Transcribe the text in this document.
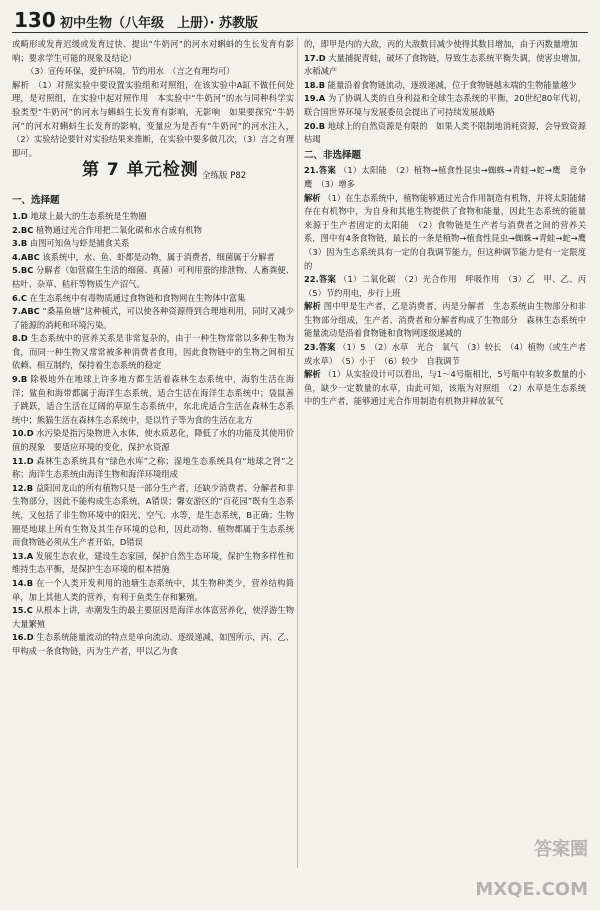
130 初中生物（八年级　上册）· 苏教版

或畸形或发育迟缓或发育过快、提出“牛奶河”的河水对蝌蚪的生长发育有影响；要求学生可能的现象及结论）

（3）宣传环保，爱护环境，节约用水　（言之有理均可）

解析　（1）对照实验中要设置实验组和对照组，在该实验中A缸不做任何处理，是对照组，在实验中起对照作用　本实验中“牛奶河”的水与同种科学实验类型“牛奶河”的河水与蝌蚪生长发育有影响，无影响　如果要探究“牛奶河”的河水对蝌蚪生长发育的影响，变量应为是否有“牛奶河”的河水注入，（2）实验结论要针对实验结果来推断，在实验中要多做几次，（3）言之有理即可。

第 7 单元检测 全练版 P82
一、选择题

1.D 地球上最大的生态系统是生物圈

2.BC 植物通过光合作用把二氧化碳和水合成有机物

3.B 由图可知鱼与虾是捕食关系

4.ABC 该系统中，水、鱼、虾都是动物，属于消费者，细菌属于分解者

5.BC 分解者（如营腐生生活的细菌、真菌）可利用蚕的排泄物、人畜粪便、枯叶、杂草、秸秆等物质生产沼气。

6.C 在生态系统中有毒物质通过食物链和食物网在生物体中富集

7.ABC “桑基鱼塘”这种模式，可以使各种资源得到合理地利用，同时又减少了能源的消耗和环境污染。

8.D 生态系统中的营养关系是非常复杂的，由于一种生物常常以多种生物为食，而同一种生物又常常被多种消费者食用，因此食物链中的生物之间相互依赖、相互制约，保持着生态系统的稳定

9.B 除极地外在地球上许多地方都生活着森林生态系统中，海豹生活在海洋；鲨鱼和海带都属于海洋生态系统，适合生活在海洋生态系统中；袋鼠善于跳跃，适合生活在辽阔的草原生态系统中，东北虎适合生活在森林生态系统中；熊猫生活在森林生态系统中，是以竹子等为食的生活在北方

10.D 水污染是指污染物进入水体，使水质恶化，降低了水的功能及其使用价值的现象　要适应环境的变化，保护水资源

11.D 森林生态系统具有“绿色水库”之称；湿地生态系统具有“地球之肾”之称；海洋生态系统由海洋生物和海洋环境组成

12.B 益阳回龙山的所有植物只是一部分生产者，还缺少消费者、分解者和非生物部分，因此不能构成生态系统，A错误；馨安游区的“百花园”既有生态系统，又包括了非生物环境中的阳光、空气、水等，是生态系统，B正确；生物圈是地球上所有生物及其生存环境的总和，因此动物、植物都属于生态系统　而食物链必须从生产者开始，D错误

13.A 发展生态农业，建设生态家园，保护自然生态环境，保护生物多样性和维持生态平衡，是保护生态环境的根本措施

14.B 在一个人类开发利用的池塘生态系统中，其生物种类少，营养结构简单，加上其他人类的营养，有利于鱼类生存和繁殖。

15.C 从根本上讲，赤潮发生的最主要原因是海洋水体富营养化，使浮游生物大量繁殖

16.D 生态系统能量流动的特点是单向流动、逐级递减，如图所示，丙、乙、甲构成一条食物链，丙为生产者，甲以乙为食

的，即甲是内的大敌，丙的大敌数目减少使得其数目增加，由于丙数量增加

17.D 大量捕捉青蛙，破坏了食物链，导致生态系统平衡失调，使害虫增加，水稻减产

18.B 能量沿着食物链流动，逐级递减，位于食物链越末端的生物能量越少

19.A 为了协调人类的自身利益和全球生态系统的平衡，20世纪80年代初，联合国世界环境与发展委员会提出了可持续发展战略

20.B 地球上的自然资源是有限的　如果人类不限制地消耗资源，会导致资源枯竭

二、非选择题

21.答案 （1）太阳能　（2）植物→植食性昆虫→蜘蛛→青蛙→蛇→鹰　竞争　鹰　（3）增多

解析 （1）在生态系统中，植物能够通过光合作用制造有机物，并将太阳能储存在有机物中，为自身和其他生物提供了食物和能量，因此生态系统的能量来源于生产者固定的太阳能　（2）食物链是生产者与消费者之间的营养关系，图中有4条食物链，最长的一条是植物→植食性昆虫→蜘蛛→青蛙→蛇→鹰　（3）因为生态系统具有一定的自我调节能力，但这种调节能力是有一定限度的

22.答案 （1）二氧化碳　（2）光合作用　呼吸作用　（3）乙　甲、乙、丙　（5）节约用电，步行上班

解析 图中甲是生产者，乙是消费者，丙是分解者　生态系统由生物部分和非生物部分组成，生产者、消费者和分解者构成了生物部分　森林生态系统中能量流动是沿着食物链和食物网逐级递减的

23.答案 （1）5　（2）水草　光合　氧气　（3）较长　（4）植物（或生产者或水草）　（5）小于　（6）较少　自我调节

解析 （1）从实验设计可以看出，与1～4号瓶相比，5号瓶中有较多数量的小鱼，缺少一定数量的水草，由此可知，该瓶为对照组　（2）水草是生态系统中的生产者，能够通过光合作用制造有机物并释放氧气

答案圈 MXQE.COM
